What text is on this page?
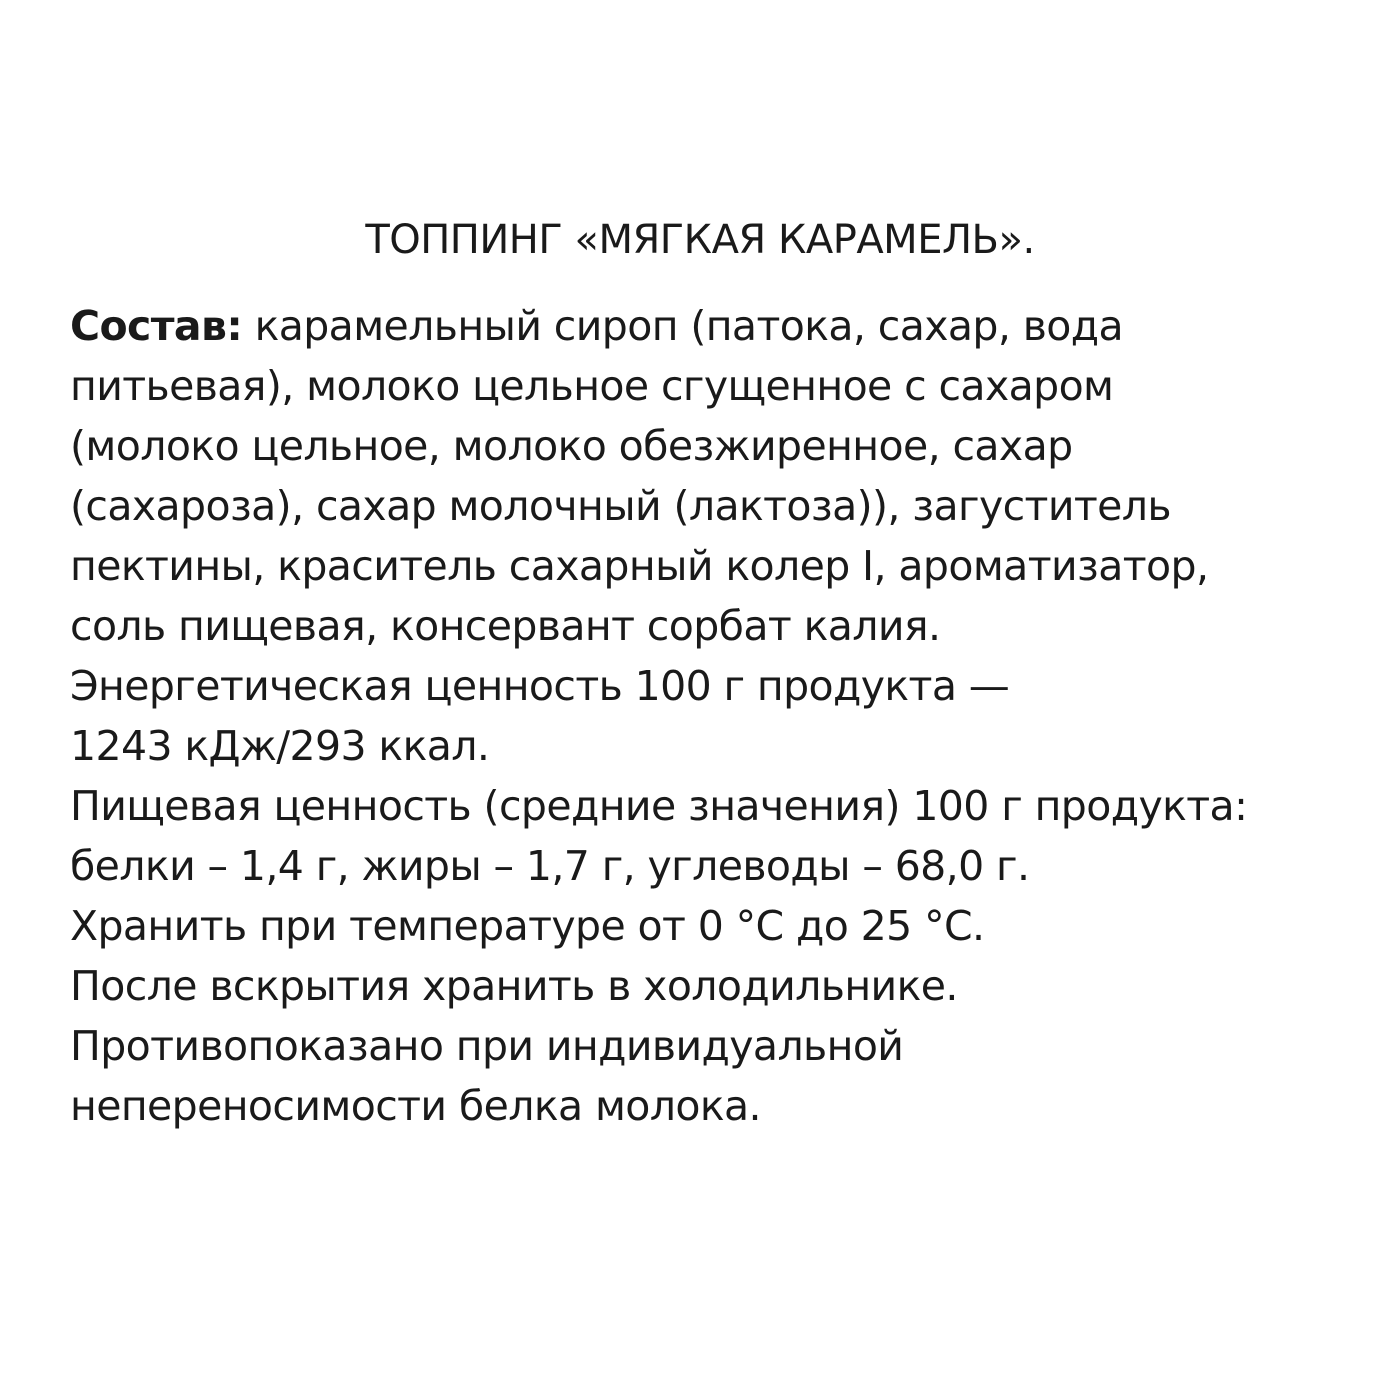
ТОППИНГ «МЯГКАЯ КАРАМЕЛЬ».
Состав: карамельный сироп (патока, сахар, вода
питьевая), молоко цельное сгущенное с сахаром
(молоко цельное, молоко обезжиренное, сахар
(сахароза), сахар молочный (лактоза)), загуститель
пектины, краситель сахарный колер I, ароматизатор,
соль пищевая, консервант сорбат калия.
Энергетическая ценность 100 г продукта —
1243 кДж/293 ккал.
Пищевая ценность (средние значения) 100 г продукта:
белки – 1,4 г, жиры – 1,7 г, углеводы – 68,0 г.
Хранить при температуре от 0 °С до 25 °С.
После вскрытия хранить в холодильнике.
Противопоказано при индивидуальной
непереносимости белка молока.
